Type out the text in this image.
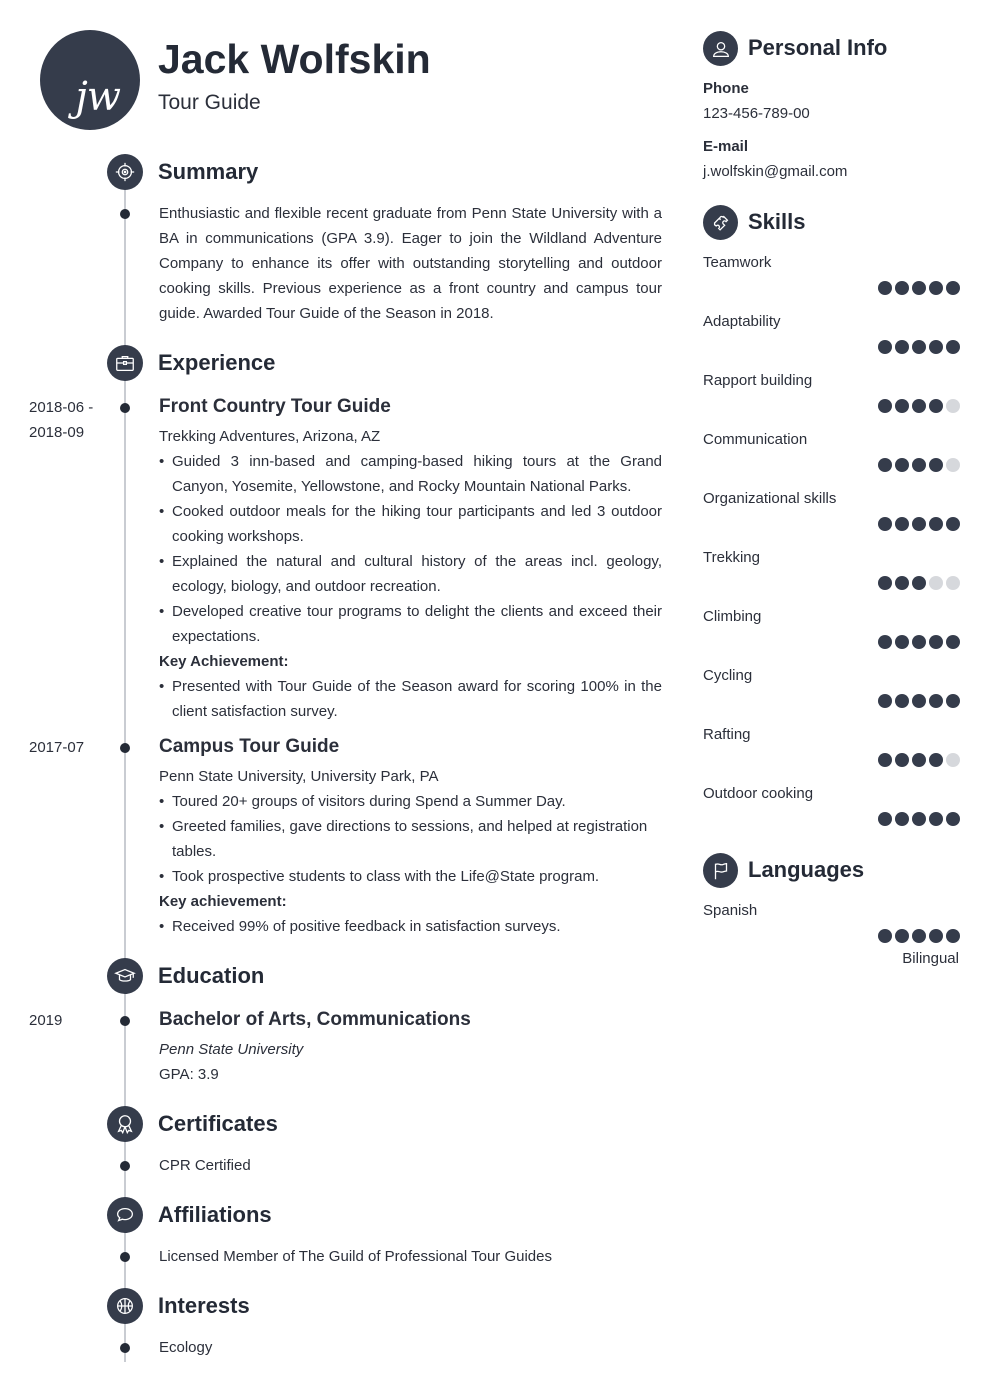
jw
Jack Wolfskin
Tour Guide
Summary
Enthusiastic and flexible recent graduate from Penn State University with a BA in communications (GPA 3.9). Eager to join the Wildland Adventure Company to enhance its offer with outstanding storytelling and outdoor cooking skills. Previous experience as a front country and campus tour guide. Awarded Tour Guide of the Season in 2018.
Experience
2018-06 -
2018-09
Front Country Tour Guide
Trekking Adventures, Arizona, AZ
• Guided 3 inn-based and camping-based hiking tours at the Grand Canyon, Yosemite, Yellowstone, and Rocky Mountain National Parks.
• Cooked outdoor meals for the hiking tour participants and led 3 outdoor cooking workshops.
• Explained the natural and cultural history of the areas incl. geology, ecology, biology, and outdoor recreation.
• Developed creative tour programs to delight the clients and exceed their expectations.
Key Achievement:
• Presented with Tour Guide of the Season award for scoring 100% in the client satisfaction survey.
2017-07	Campus Tour Guide
Penn State University, University Park, PA
• Toured 20+ groups of visitors during Spend a Summer Day.
• Greeted families, gave directions to sessions, and helped at registration tables.
• Took prospective students to class with the Life@State program.
Key achievement:
• Received 99% of positive feedback in satisfaction surveys.
Education
2019	Bachelor of Arts, Communications
Penn State University
GPA: 3.9
Certificates
CPR Certified
Affiliations
Licensed Member of The Guild of Professional Tour Guides
Interests
Ecology
Personal Info
Phone
123-456-789-00
E-mail
j.wolfskin@gmail.com
Skills
Teamwork
Adaptability
Rapport building
Communication
Organizational skills
Trekking
Climbing
Cycling
Rafting
Outdoor cooking
Languages
Spanish
Bilingual
